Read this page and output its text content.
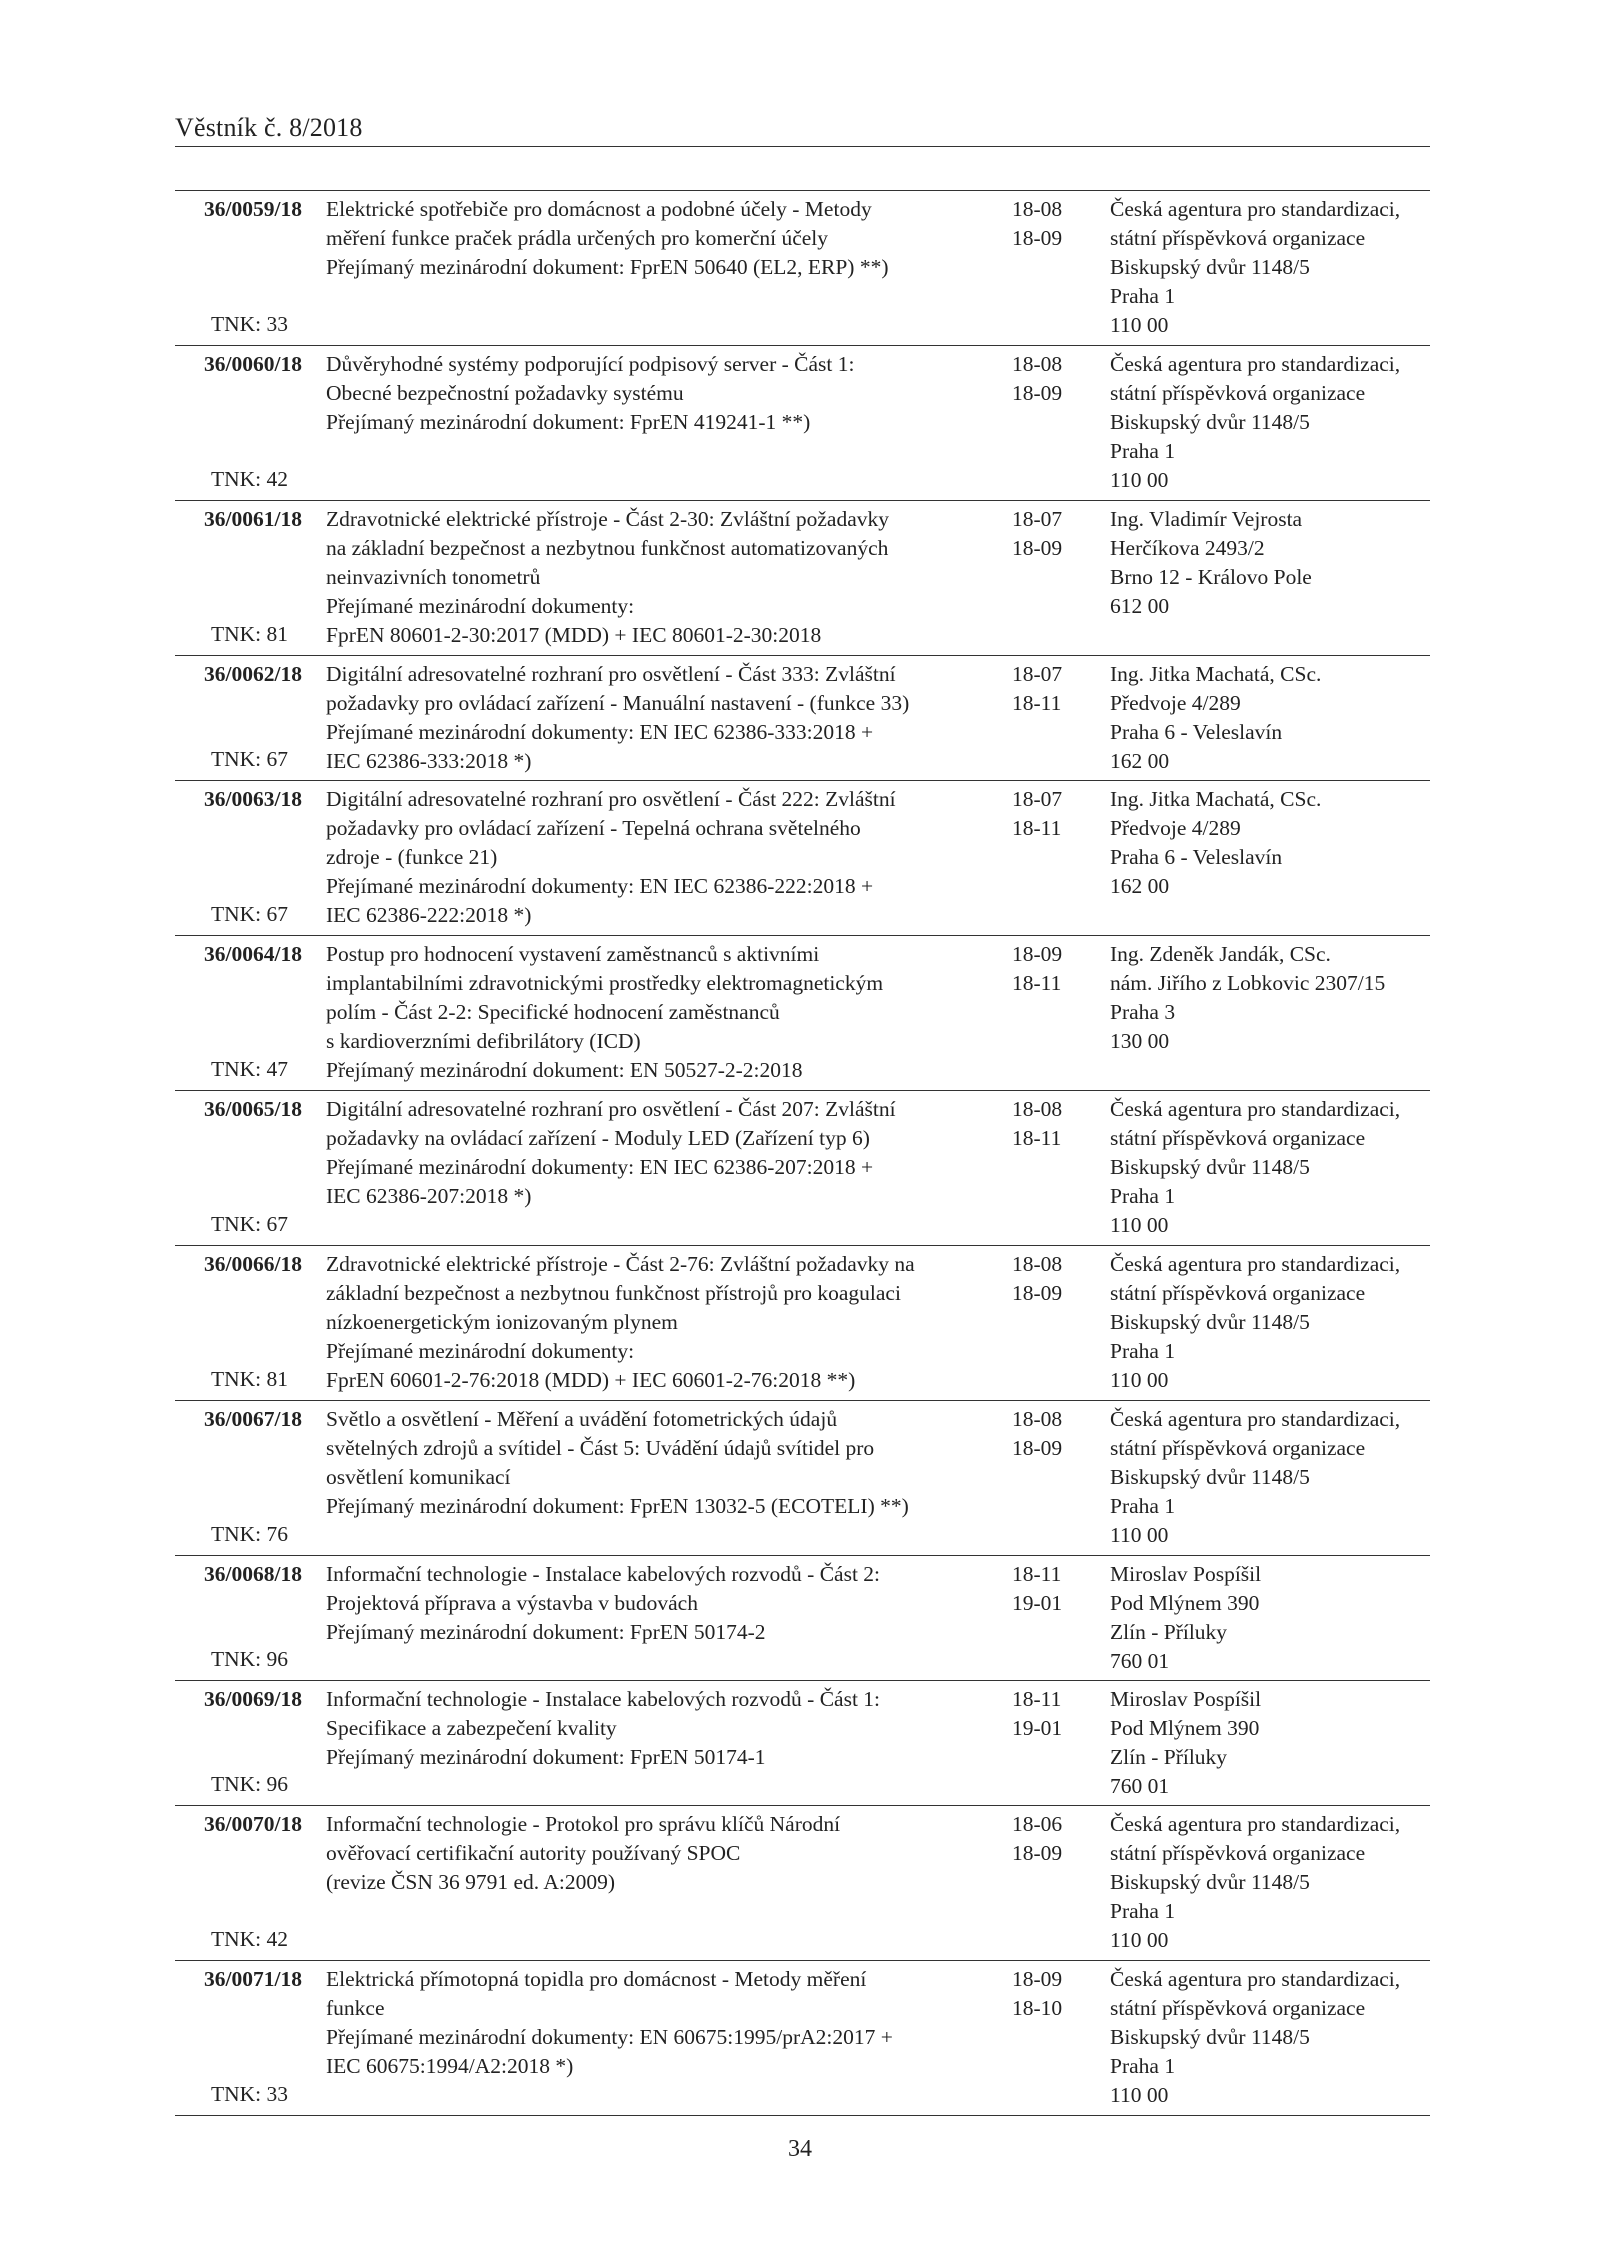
Věstník č. 8/2018
36/0059/18
TNK: 33
Elektrické spotřebiče pro domácnost a podobné účely - Metody
měření funkce praček prádla určených pro komerční účely
Přejímaný mezinárodní dokument: FprEN 50640 (EL2, ERP) **)
18-08
18-09
Česká agentura pro standardizaci,
státní příspěvková organizace
Biskupský dvůr 1148/5
Praha 1
110 00
36/0060/18
TNK: 42
Důvěryhodné systémy podporující podpisový server - Část 1:
Obecné bezpečnostní požadavky systému
Přejímaný mezinárodní dokument: FprEN 419241-1 **)
18-08
18-09
Česká agentura pro standardizaci,
státní příspěvková organizace
Biskupský dvůr 1148/5
Praha 1
110 00
36/0061/18
TNK: 81
Zdravotnické elektrické přístroje - Část 2-30: Zvláštní požadavky
na základní bezpečnost a nezbytnou funkčnost automatizovaných
neinvazivních tonometrů
Přejímané mezinárodní dokumenty:
FprEN 80601-2-30:2017 (MDD) + IEC 80601-2-30:2018
18-07
18-09
Ing. Vladimír Vejrosta
Herčíkova 2493/2
Brno 12 - Královo Pole
612 00
36/0062/18
TNK: 67
Digitální adresovatelné rozhraní pro osvětlení - Část 333: Zvláštní
požadavky pro ovládací zařízení - Manuální nastavení - (funkce 33)
Přejímané mezinárodní dokumenty: EN IEC 62386-333:2018 +
IEC 62386-333:2018 *)
18-07
18-11
Ing. Jitka Machatá, CSc.
Předvoje 4/289
Praha 6 - Veleslavín
162 00
36/0063/18
TNK: 67
Digitální adresovatelné rozhraní pro osvětlení - Část 222: Zvláštní
požadavky pro ovládací zařízení - Tepelná ochrana světelného
zdroje - (funkce 21)
Přejímané mezinárodní dokumenty: EN IEC 62386-222:2018 +
IEC 62386-222:2018 *)
18-07
18-11
Ing. Jitka Machatá, CSc.
Předvoje 4/289
Praha 6 - Veleslavín
162 00
36/0064/18
TNK: 47
Postup pro hodnocení vystavení zaměstnanců s aktivními
implantabilními zdravotnickými prostředky elektromagnetickým
polím - Část 2-2: Specifické hodnocení zaměstnanců
s kardioverzními defibrilátory (ICD)
Přejímaný mezinárodní dokument: EN 50527-2-2:2018
18-09
18-11
Ing. Zdeněk Jandák, CSc.
nám. Jiřího z Lobkovic 2307/15
Praha 3
130 00
36/0065/18
TNK: 67
Digitální adresovatelné rozhraní pro osvětlení - Část 207: Zvláštní
požadavky na ovládací zařízení - Moduly LED (Zařízení typ 6)
Přejímané mezinárodní dokumenty: EN IEC 62386-207:2018 +
IEC 62386-207:2018 *)
18-08
18-11
Česká agentura pro standardizaci,
státní příspěvková organizace
Biskupský dvůr 1148/5
Praha 1
110 00
36/0066/18
TNK: 81
Zdravotnické elektrické přístroje - Část 2-76: Zvláštní požadavky na
základní bezpečnost a nezbytnou funkčnost přístrojů pro koagulaci
nízkoenergetickým ionizovaným plynem
Přejímané mezinárodní dokumenty:
FprEN 60601-2-76:2018 (MDD) + IEC 60601-2-76:2018 **)
18-08
18-09
Česká agentura pro standardizaci,
státní příspěvková organizace
Biskupský dvůr 1148/5
Praha 1
110 00
36/0067/18
TNK: 76
Světlo a osvětlení - Měření a uvádění fotometrických údajů
světelných zdrojů a svítidel - Část 5: Uvádění údajů svítidel pro
osvětlení komunikací
Přejímaný mezinárodní dokument: FprEN 13032-5 (ECOTELI) **)
18-08
18-09
Česká agentura pro standardizaci,
státní příspěvková organizace
Biskupský dvůr 1148/5
Praha 1
110 00
36/0068/18
TNK: 96
Informační technologie - Instalace kabelových rozvodů - Část 2:
Projektová příprava a výstavba v budovách
Přejímaný mezinárodní dokument: FprEN 50174-2
18-11
19-01
Miroslav Pospíšil
Pod Mlýnem 390
Zlín - Příluky
760 01
36/0069/18
TNK: 96
Informační technologie - Instalace kabelových rozvodů - Část 1:
Specifikace a zabezpečení kvality
Přejímaný mezinárodní dokument: FprEN 50174-1
18-11
19-01
Miroslav Pospíšil
Pod Mlýnem 390
Zlín - Příluky
760 01
36/0070/18
TNK: 42
Informační technologie - Protokol pro správu klíčů Národní
ověřovací certifikační autority používaný SPOC
(revize ČSN 36 9791 ed. A:2009)
18-06
18-09
Česká agentura pro standardizaci,
státní příspěvková organizace
Biskupský dvůr 1148/5
Praha 1
110 00
36/0071/18
TNK: 33
Elektrická přímotopná topidla pro domácnost - Metody měření
funkce
Přejímané mezinárodní dokumenty: EN 60675:1995/prA2:2017 +
IEC 60675:1994/A2:2018 *)
18-09
18-10
Česká agentura pro standardizaci,
státní příspěvková organizace
Biskupský dvůr 1148/5
Praha 1
110 00
34
